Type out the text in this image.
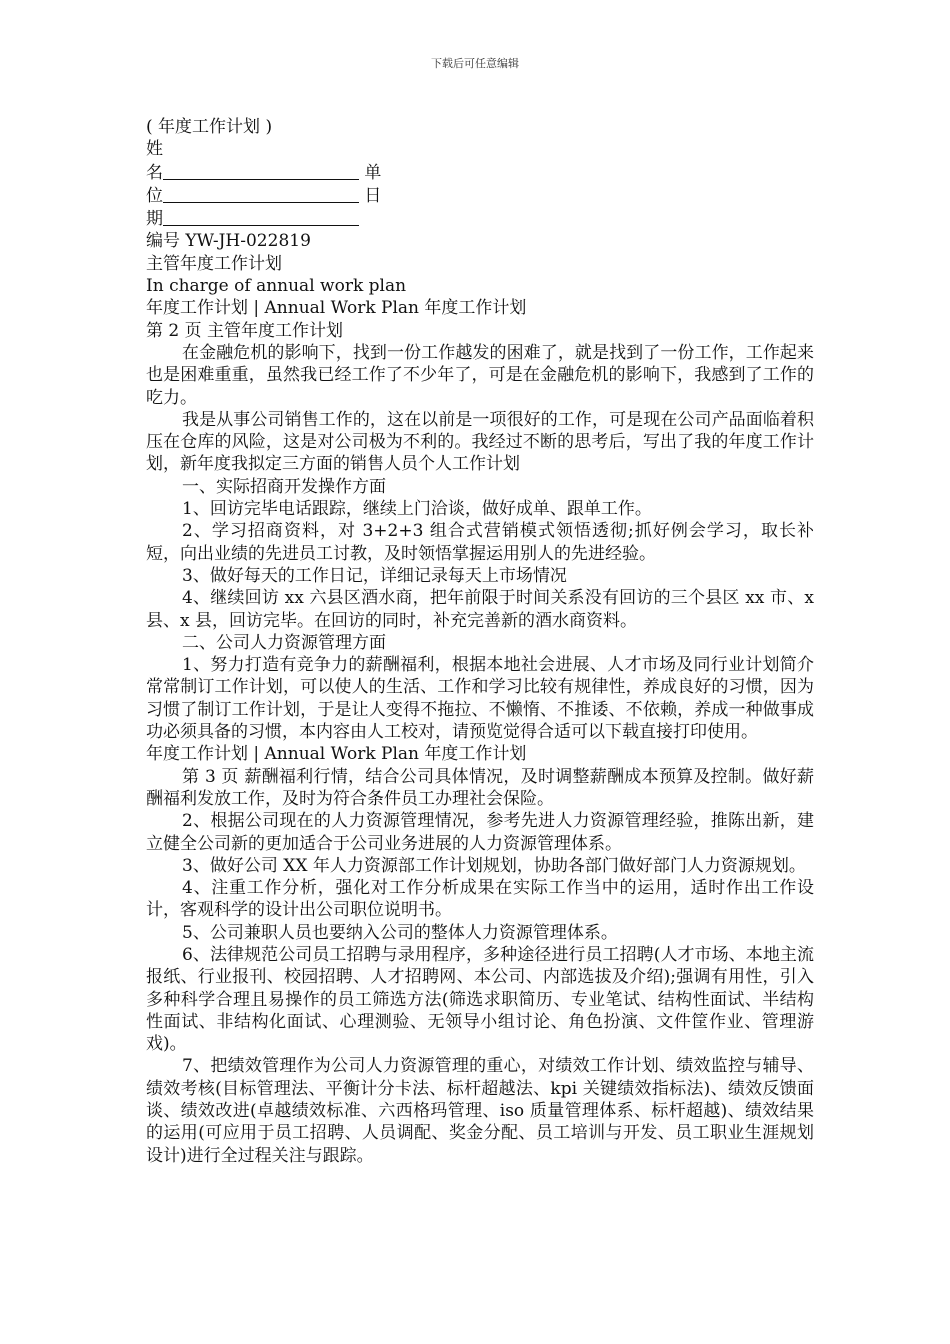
下载后可任意编辑
( 年度工作计划 )
姓
名	单
位	日
期
编号 YW-JH-022819
主管年度工作计划
In charge of annual work plan
年度工作计划 | Annual Work Plan 年度工作计划
第 2 页 主管年度工作计划

在金融危机的影响下，找到一份工作越发的困难了，就是找到了一份工作，工作起来也是困难重重，虽然我已经工作了不少年了，可是在金融危机的影响下，我感到了工作的吃力。

我是从事公司销售工作的，这在以前是一项很好的工作，可是现在公司产品面临着积压在仓库的风险，这是对公司极为不利的。我经过不断的思考后，写出了我的年度工作计划，新年度我拟定三方面的销售人员个人工作计划

一、实际招商开发操作方面

1、回访完毕电话跟踪，继续上门洽谈，做好成单、跟单工作。

2、学习招商资料，对 3+2+3 组合式营销模式领悟透彻;抓好例会学习，取长补短，向出业绩的先进员工讨教，及时领悟掌握运用别人的先进经验。

3、做好每天的工作日记，详细记录每天上市场情况

4、继续回访 xx 六县区酒水商，把年前限于时间关系没有回访的三个县区 xx 市、x 县、x 县，回访完毕。在回访的同时，补充完善新的酒水商资料。

二、公司人力资源管理方面

1、努力打造有竞争力的薪酬福利，根据本地社会进展、人才市场及同行业计划简介常常制订工作计划，可以使人的生活、工作和学习比较有规律性，养成良好的习惯，因为习惯了制订工作计划，于是让人变得不拖拉、不懒惰、不推诿、不依赖，养成一种做事成功必须具备的习惯，本内容由人工校对，请预览觉得合适可以下载直接打印使用。

年度工作计划 | Annual Work Plan 年度工作计划

第 3 页 薪酬福利行情，结合公司具体情况，及时调整薪酬成本预算及控制。做好薪酬福利发放工作，及时为符合条件员工办理社会保险。

2、根据公司现在的人力资源管理情况，参考先进人力资源管理经验，推陈出新，建立健全公司新的更加适合于公司业务进展的人力资源管理体系。

3、做好公司 XX 年人力资源部工作计划规划，协助各部门做好部门人力资源规划。

4、注重工作分析，强化对工作分析成果在实际工作当中的运用，适时作出工作设计，客观科学的设计出公司职位说明书。

5、公司兼职人员也要纳入公司的整体人力资源管理体系。

6、法律规范公司员工招聘与录用程序，多种途径进行员工招聘(人才市场、本地主流报纸、行业报刊、校园招聘、人才招聘网、本公司、内部选拔及介绍);强调有用性，引入多种科学合理且易操作的员工筛选方法(筛选求职简历、专业笔试、结构性面试、半结构性面试、非结构化面试、心理测验、无领导小组讨论、角色扮演、文件筐作业、管理游戏)。

7、把绩效管理作为公司人力资源管理的重心，对绩效工作计划、绩效监控与辅导、绩效考核(目标管理法、平衡计分卡法、标杆超越法、kpi 关键绩效指标法)、绩效反馈面谈、绩效改进(卓越绩效标准、六西格玛管理、iso 质量管理体系、标杆超越)、绩效结果的运用(可应用于员工招聘、人员调配、奖金分配、员工培训与开发、员工职业生涯规划设计)进行全过程关注与跟踪。
